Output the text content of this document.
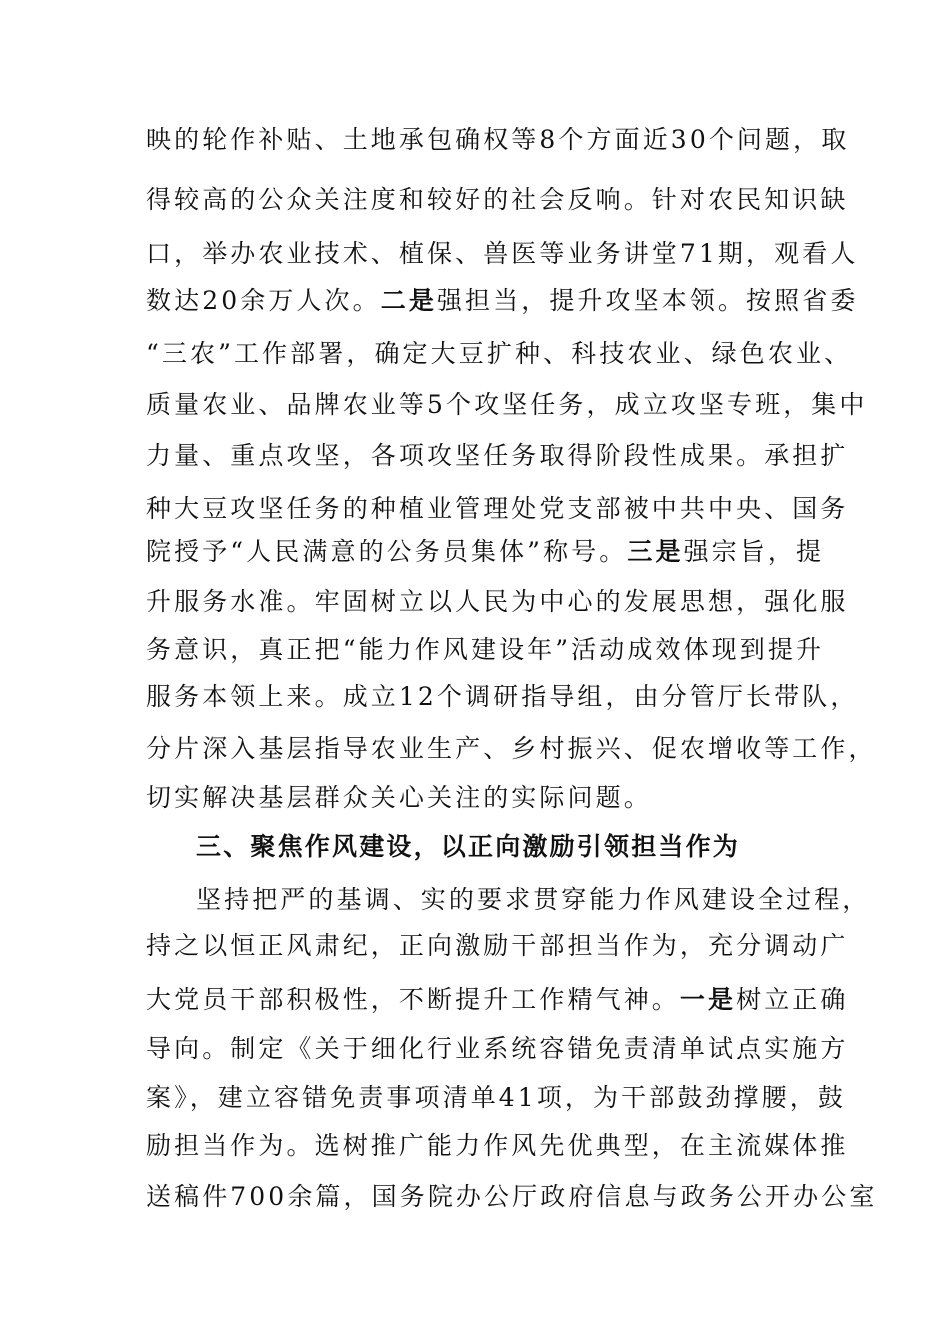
映的轮作补贴、土地承包确权等8个方面近30个问题，取
得较高的公众关注度和较好的社会反响。针对农民知识缺
口，举办农业技术、植保、兽医等业务讲堂71期，观看人
数达20余万人次。二是强担当，提升攻坚本领。按照省委
“三农”工作部署，确定大豆扩种、科技农业、绿色农业、
质量农业、品牌农业等5个攻坚任务，成立攻坚专班，集中
力量、重点攻坚，各项攻坚任务取得阶段性成果。承担扩
种大豆攻坚任务的种植业管理处党支部被中共中央、国务
院授予“人民满意的公务员集体”称号。三是强宗旨，提
升服务水准。牢固树立以人民为中心的发展思想，强化服
务意识，真正把“能力作风建设年”活动成效体现到提升
服务本领上来。成立12个调研指导组，由分管厅长带队，
分片深入基层指导农业生产、乡村振兴、促农增收等工作，
切实解决基层群众关心关注的实际问题。
三、聚焦作风建设，以正向激励引领担当作为
坚持把严的基调、实的要求贯穿能力作风建设全过程，
持之以恒正风肃纪，正向激励干部担当作为，充分调动广
大党员干部积极性，不断提升工作精气神。一是树立正确
导向。制定《关于细化行业系统容错免责清单试点实施方
案》，建立容错免责事项清单41项，为干部鼓劲撑腰，鼓
励担当作为。选树推广能力作风先优典型，在主流媒体推
送稿件700余篇，国务院办公厅政府信息与政务公开办公室
